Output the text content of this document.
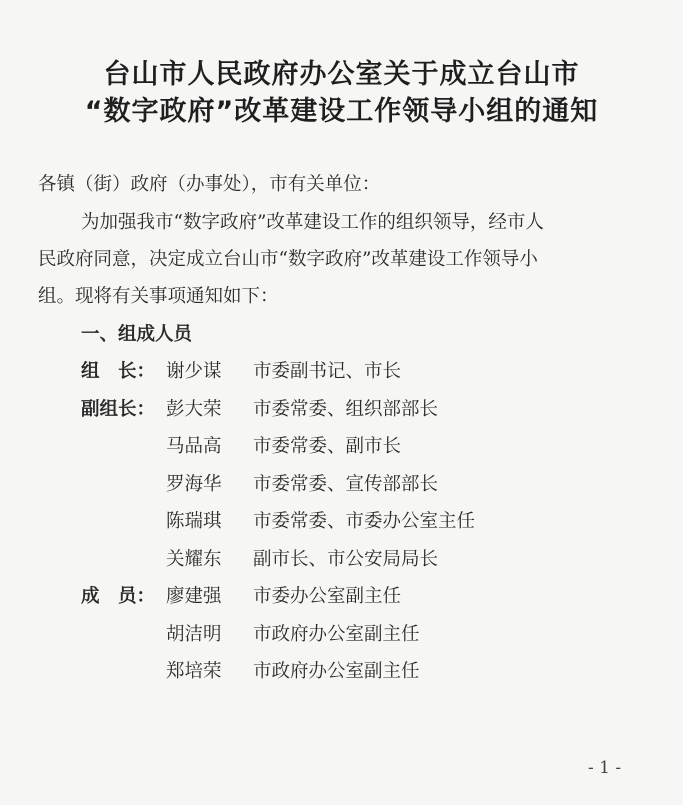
台山市人民政府办公室关于成立台山市
“数字政府”改革建设工作领导小组的通知
各镇（街）政府（办事处），市有关单位：
为加强我市“数字政府”改革建设工作的组织领导，经市人
民政府同意，决定成立台山市“数字政府”改革建设工作领导小
组。现将有关事项通知如下：
一、组成人员
组　长： 谢少谋 市委副书记、市长
副组长： 彭大荣 市委常委、组织部部长
马品高 市委常委、副市长
罗海华 市委常委、宣传部部长
陈瑞琪 市委常委、市委办公室主任
关耀东 副市长、市公安局局长
成　员： 廖建强 市委办公室副主任
胡洁明 市政府办公室副主任
郑培荣 市政府办公室副主任
- 1 -
